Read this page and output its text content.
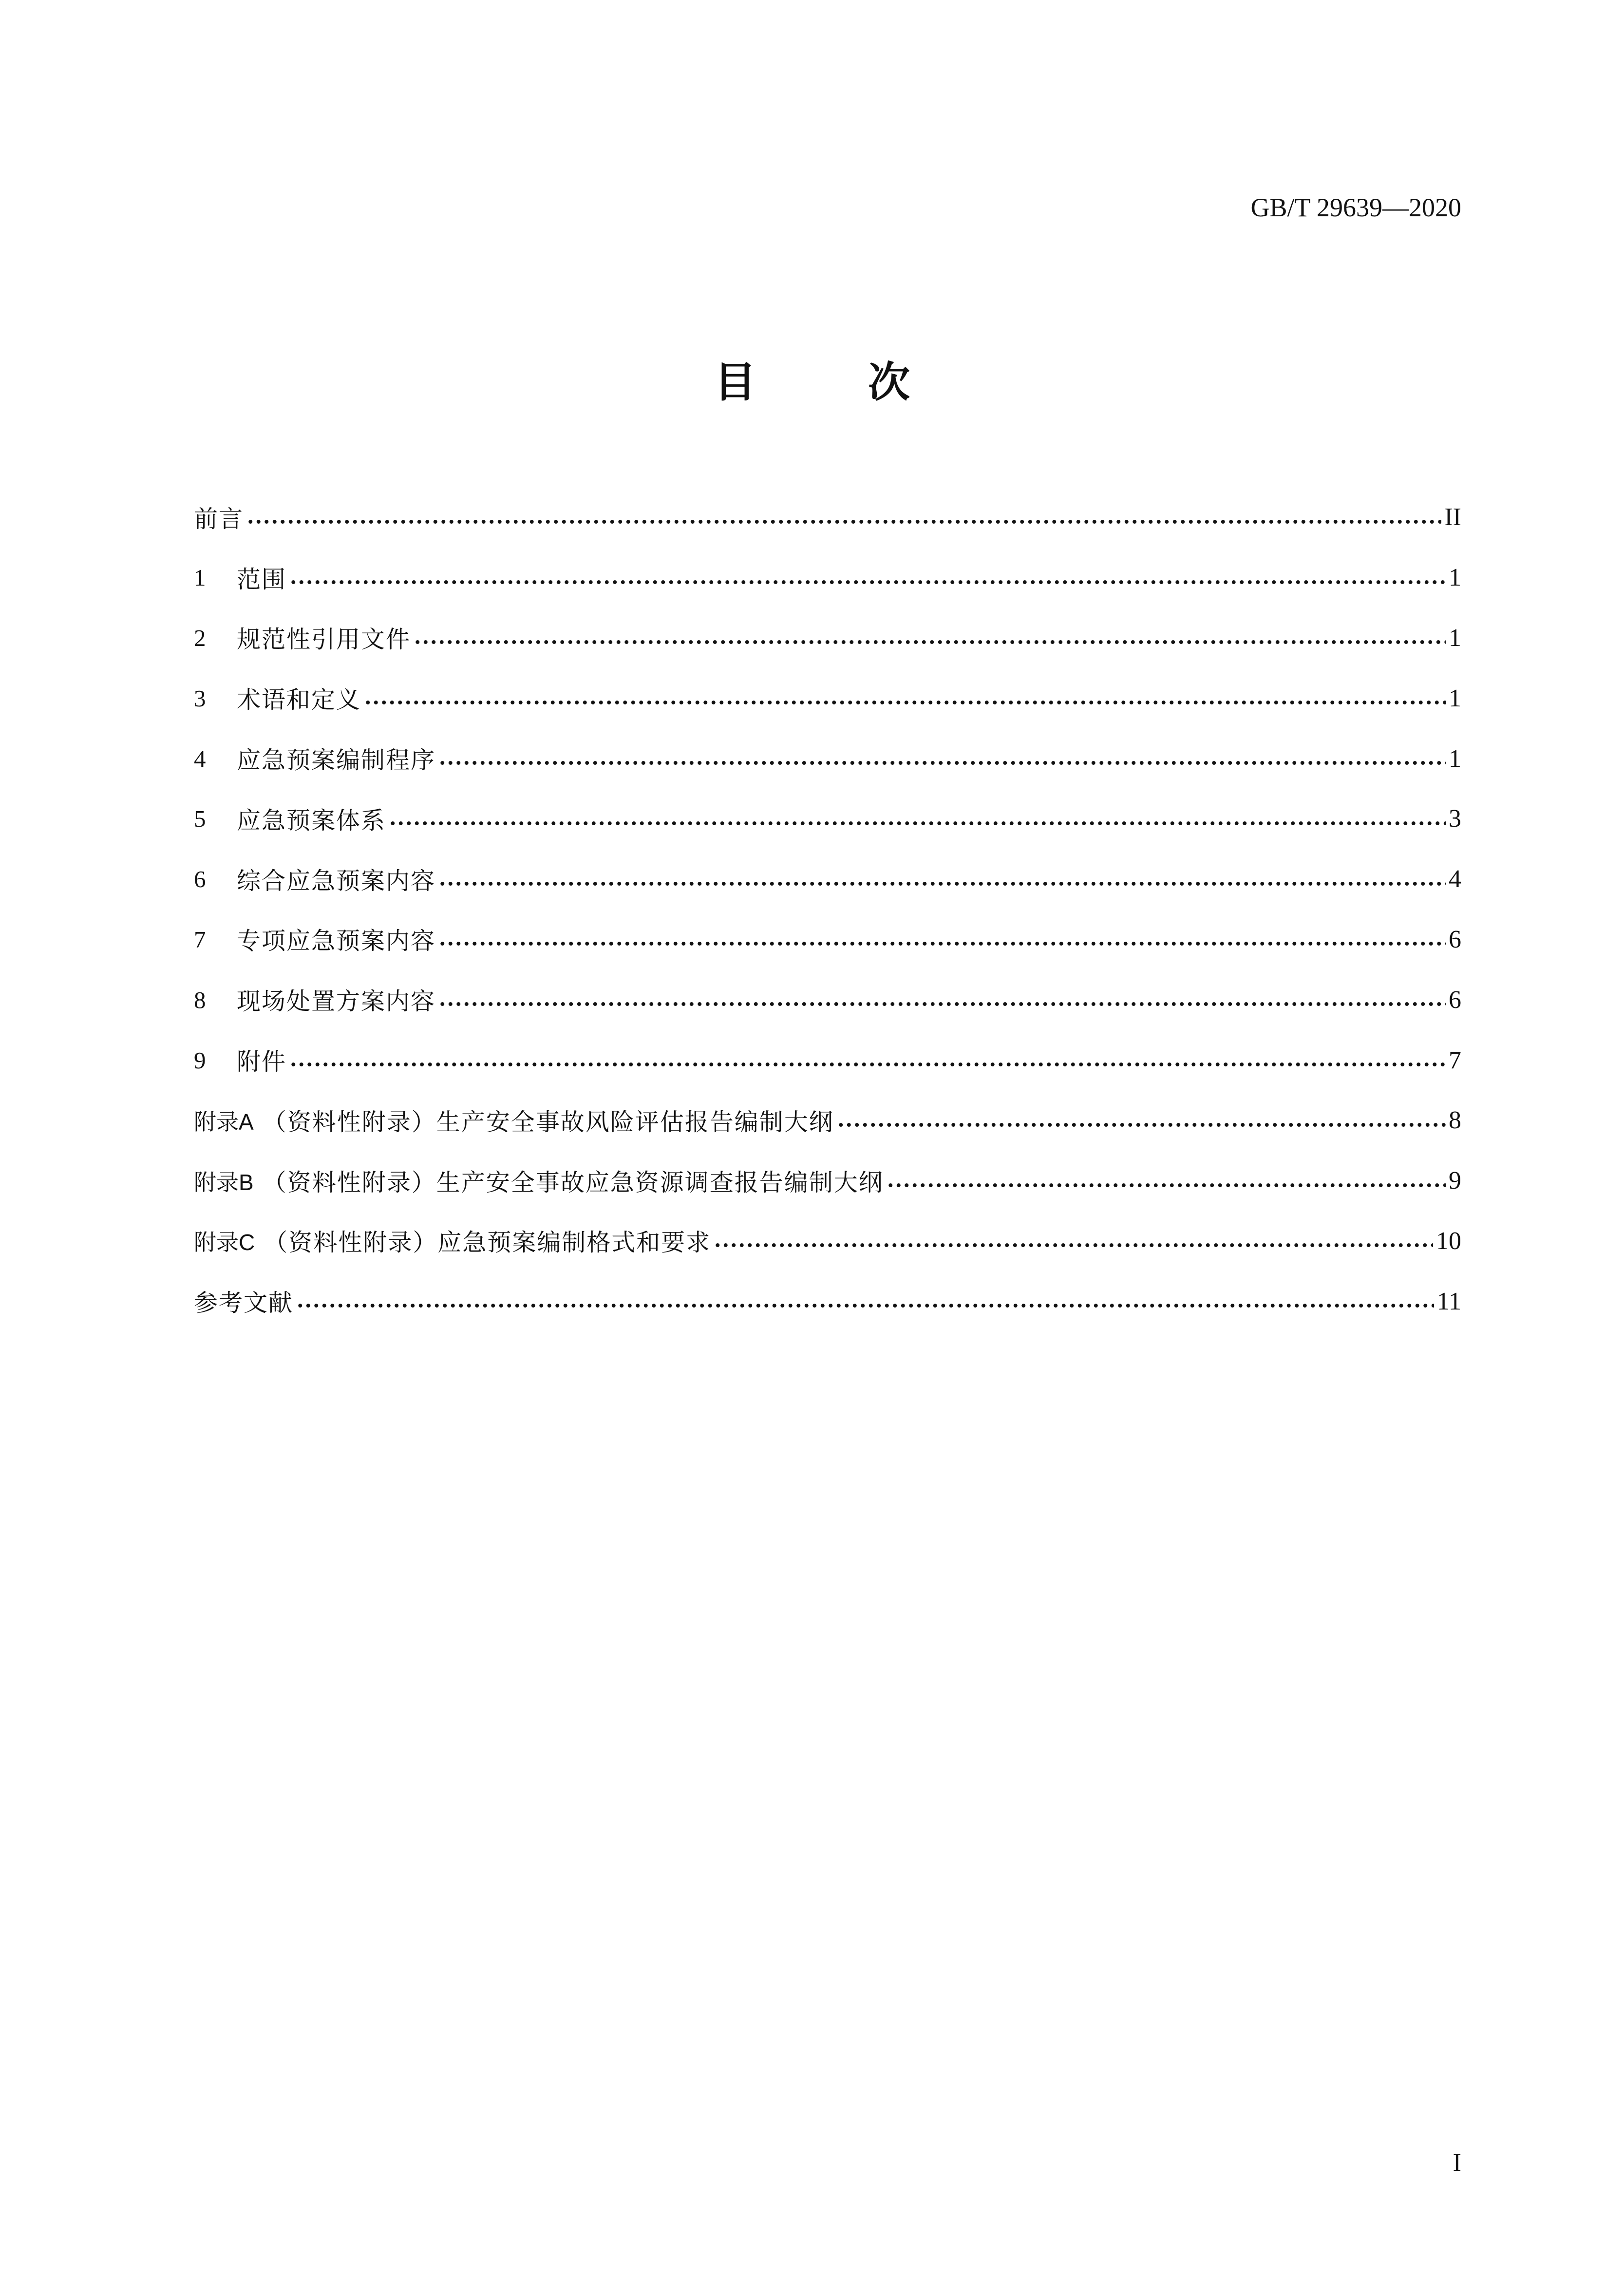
GB/T 29639—2020
目	次
前言	II
1	范围	1
2	规范性引用文件	1
3	术语和定义	1
4	应急预案编制程序	1
5	应急预案体系	3
6	综合应急预案内容	4
7	专项应急预案内容	6
8	现场处置方案内容	6
9	附件	7
附录A （资料性附录）生产安全事故风险评估报告编制大纲	8
附录B （资料性附录）生产安全事故应急资源调查报告编制大纲	9
附录C （资料性附录）应急预案编制格式和要求	10
参考文献	11
I
